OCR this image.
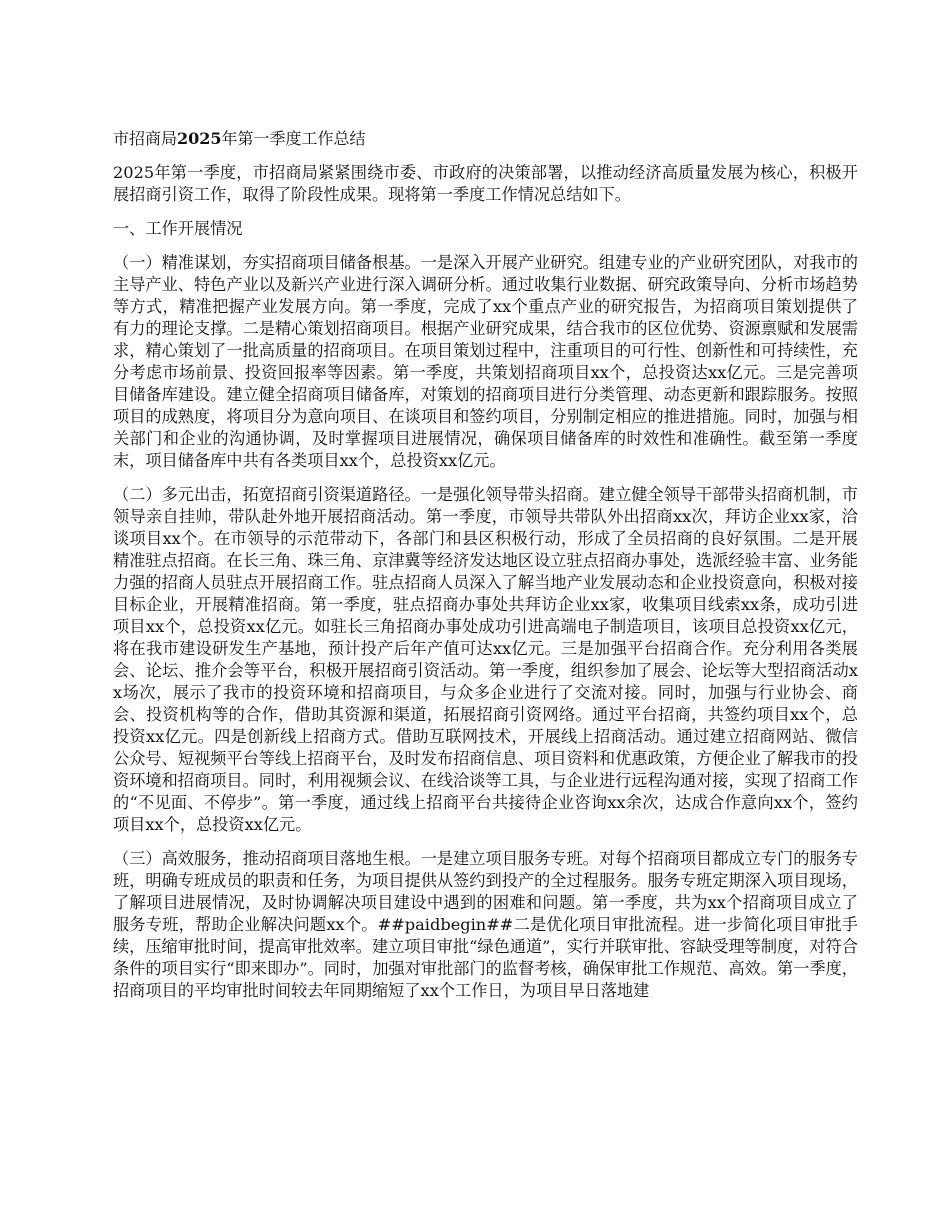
市招商局2025年第一季度工作总结

2025年第一季度，市招商局紧紧围绕市委、市政府的决策部署，以推动经济高质量发展为核心，积极开展招商引资工作，取得了阶段性成果。现将第一季度工作情况总结如下。

一、工作开展情况

（一）精准谋划，夯实招商项目储备根基。一是深入开展产业研究。组建专业的产业研究团队，对我市的主导产业、特色产业以及新兴产业进行深入调研分析。通过收集行业数据、研究政策导向、分析市场趋势等方式，精准把握产业发展方向。第一季度，完成了xx个重点产业的研究报告，为招商项目策划提供了有力的理论支撑。二是精心策划招商项目。根据产业研究成果，结合我市的区位优势、资源禀赋和发展需求，精心策划了一批高质量的招商项目。在项目策划过程中，注重项目的可行性、创新性和可持续性，充分考虑市场前景、投资回报率等因素。第一季度，共策划招商项目xx个，总投资达xx亿元。三是完善项目储备库建设。建立健全招商项目储备库，对策划的招商项目进行分类管理、动态更新和跟踪服务。按照项目的成熟度，将项目分为意向项目、在谈项目和签约项目，分别制定相应的推进措施。同时，加强与相关部门和企业的沟通协调，及时掌握项目进展情况，确保项目储备库的时效性和准确性。截至第一季度末，项目储备库中共有各类项目xx个，总投资xx亿元。

（二）多元出击，拓宽招商引资渠道路径。一是强化领导带头招商。建立健全领导干部带头招商机制，市领导亲自挂帅，带队赴外地开展招商活动。第一季度，市领导共带队外出招商xx次，拜访企业xx家，洽谈项目xx个。在市领导的示范带动下，各部门和县区积极行动，形成了全员招商的良好氛围。二是开展精准驻点招商。在长三角、珠三角、京津冀等经济发达地区设立驻点招商办事处，选派经验丰富、业务能力强的招商人员驻点开展招商工作。驻点招商人员深入了解当地产业发展动态和企业投资意向，积极对接目标企业，开展精准招商。第一季度，驻点招商办事处共拜访企业xx家，收集项目线索xx条，成功引进项目xx个，总投资xx亿元。如驻长三角招商办事处成功引进高端电子制造项目，该项目总投资xx亿元，将在我市建设研发生产基地，预计投产后年产值可达xx亿元。三是加强平台招商合作。充分利用各类展会、论坛、推介会等平台，积极开展招商引资活动。第一季度，组织参加了展会、论坛等大型招商活动xx场次，展示了我市的投资环境和招商项目，与众多企业进行了交流对接。同时，加强与行业协会、商会、投资机构等的合作，借助其资源和渠道，拓展招商引资网络。通过平台招商，共签约项目xx个，总投资xx亿元。四是创新线上招商方式。借助互联网技术，开展线上招商活动。通过建立招商网站、微信公众号、短视频平台等线上招商平台，及时发布招商信息、项目资料和优惠政策，方便企业了解我市的投资环境和招商项目。同时，利用视频会议、在线洽谈等工具，与企业进行远程沟通对接，实现了招商工作的“不见面、不停步”。第一季度，通过线上招商平台共接待企业咨询xx余次，达成合作意向xx个，签约项目xx个，总投资xx亿元。

（三）高效服务，推动招商项目落地生根。一是建立项目服务专班。对每个招商项目都成立专门的服务专班，明确专班成员的职责和任务，为项目提供从签约到投产的全过程服务。服务专班定期深入项目现场，了解项目进展情况，及时协调解决项目建设中遇到的困难和问题。第一季度，共为xx个招商项目成立了服务专班，帮助企业解决问题xx个。##paidbegin##二是优化项目审批流程。进一步简化项目审批手续，压缩审批时间，提高审批效率。建立项目审批“绿色通道”，实行并联审批、容缺受理等制度，对符合条件的项目实行“即来即办”。同时，加强对审批部门的监督考核，确保审批工作规范、高效。第一季度，招商项目的平均审批时间较去年同期缩短了xx个工作日，为项目早日落地建
